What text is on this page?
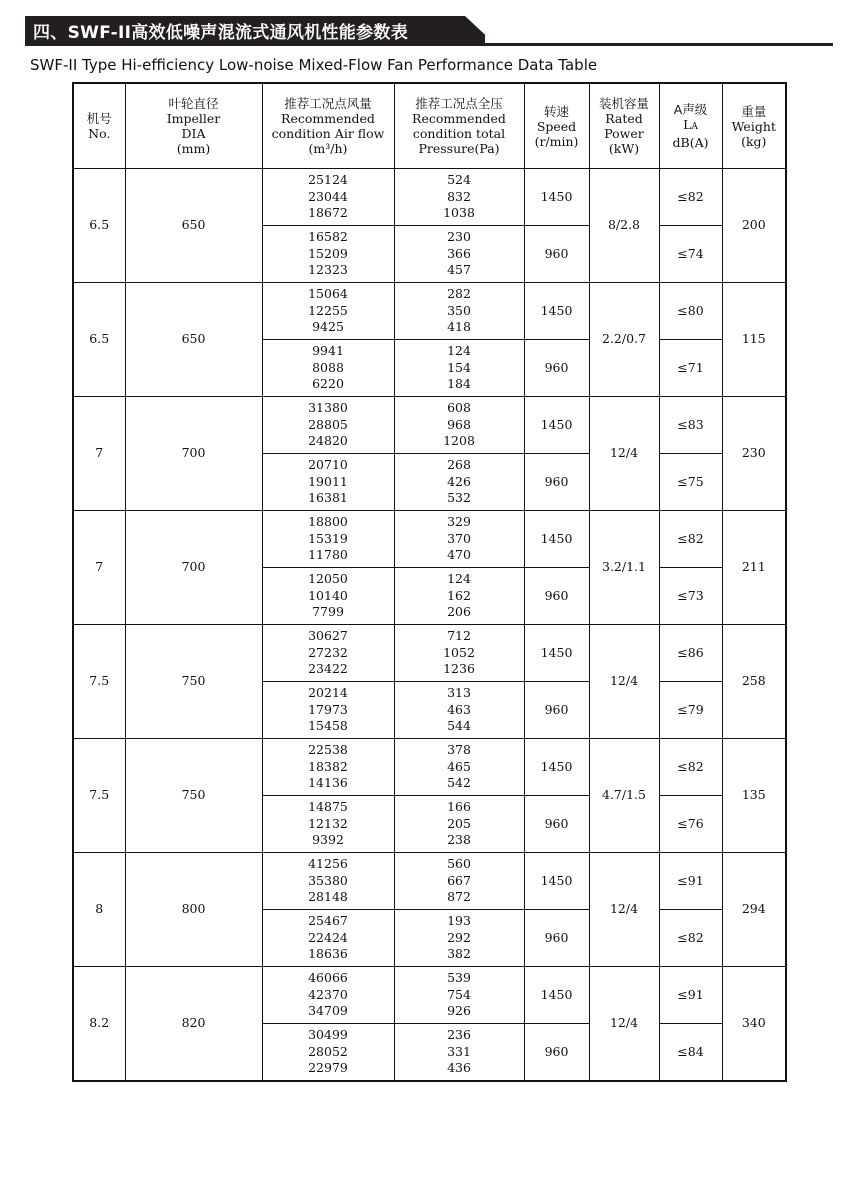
四、SWF-II高效低噪声混流式通风机性能参数表
SWF-II Type Hi-efficiency Low-noise Mixed-Flow Fan Performance Data Table
机号
No.	叶轮直径
Impeller
DIA
(mm)	推荐工况点风量
Recommended
condition Air flow
(m³/h)	推荐工况点全压
Recommended
condition total
Pressure(Pa)	转速
Speed
(r/min)	装机容量
Rated
Power
(kW)	A声级
LA
dB(A)	重量
Weight
(kg)

6.5	650	25124
23044
18672	524
832
1038	1450	8/2.8	≤82	200

		16582
15209
12323	230
366
457	960		≤74	
6.5	650	15064
12255
9425	282
350
418	1450	2.2/0.7	≤80	115

		9941
8088
6220	124
154
184	960		≤71	
7	700	31380
28805
24820	608
968
1208	1450	12/4	≤83	230

		20710
19011
16381	268
426
532	960		≤75	
7	700	18800
15319
11780	329
370
470	1450	3.2/1.1	≤82	211

		12050
10140
7799	124
162
206	960		≤73	
7.5	750	30627
27232
23422	712
1052
1236	1450	12/4	≤86	258

		20214
17973
15458	313
463
544	960		≤79	
7.5	750	22538
18382
14136	378
465
542	1450	4.7/1.5	≤82	135

		14875
12132
9392	166
205
238	960		≤76	
8	800	41256
35380
28148	560
667
872	1450	12/4	≤91	294

		25467
22424
18636	193
292
382	960		≤82	
8.2	820	46066
42370
34709	539
754
926	1450	12/4	≤91	340

		30499
28052
22979	236
331
436	960		≤84	
